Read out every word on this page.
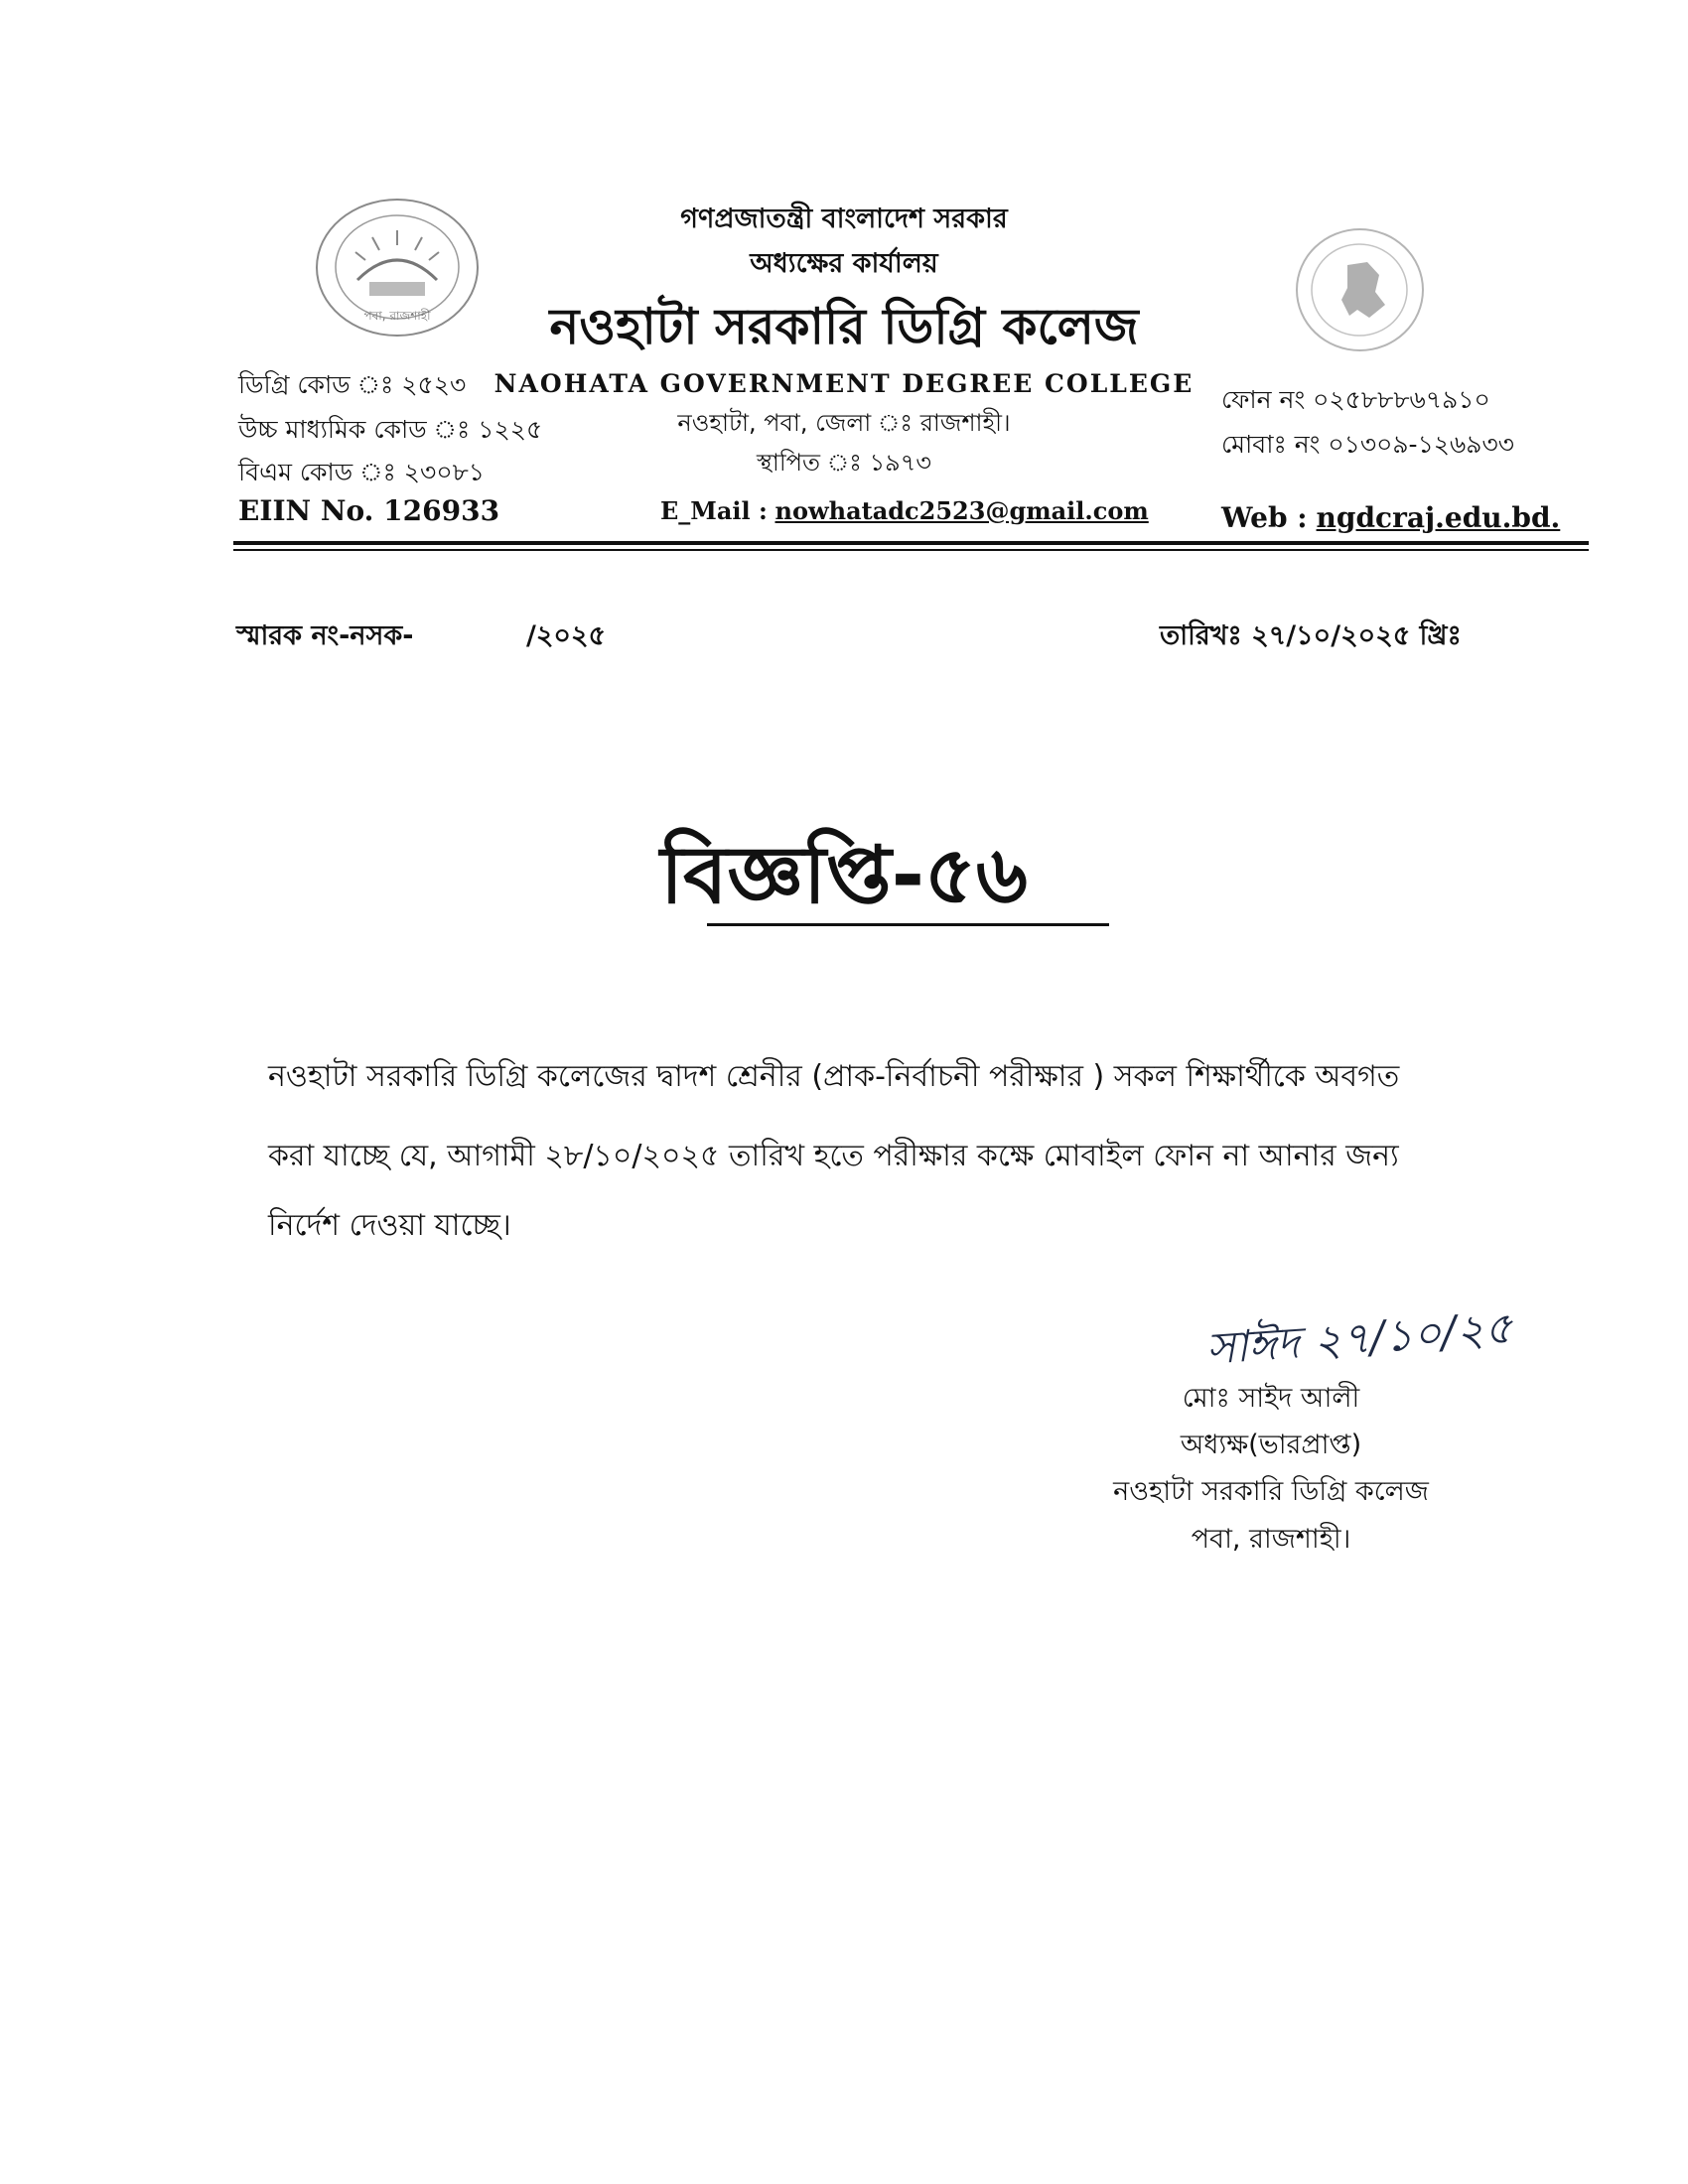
পবা, রাজশাহী
গণপ্রজাতন্ত্রী বাংলাদেশ সরকার
অধ্যক্ষের কার্যালয়
নওহাটা সরকারি ডিগ্রি কলেজ
NAOHATA GOVERNMENT DEGREE COLLEGE
নওহাটা, পবা, জেলা ঃ রাজশাহী।
স্থাপিত ঃ ১৯৭৩
E_Mail : nowhatadc2523@gmail.com
ডিগ্রি কোড ঃ ২৫২৩
উচ্চ মাধ্যমিক কোড ঃ ১২২৫
বিএম কোড ঃ ২৩০৮১
EIIN No. 126933
ফোন নং ০২৫৮৮৮৬৭৯১০
মোবাঃ নং ০১৩০৯-১২৬৯৩৩
Web : ngdcraj.edu.bd.
স্মারক নং-নসক-	/২০২৫	তারিখঃ ২৭/১০/২০২৫ খ্রিঃ
বিজ্ঞপ্তি-৫৬
নওহাটা সরকারি ডিগ্রি কলেজের দ্বাদশ শ্রেনীর (প্রাক-নির্বাচনী পরীক্ষার ) সকল শিক্ষার্থীকে অবগত
করা যাচ্ছে যে, আগামী ২৮/১০/২০২৫ তারিখ হতে পরীক্ষার কক্ষে মোবাইল ফোন না আনার জন্য
নির্দেশ দেওয়া যাচ্ছে।
সাঈদ ২৭/১০/২৫
মোঃ সাইদ আলী
অধ্যক্ষ(ভারপ্রাপ্ত)
নওহাটা সরকারি ডিগ্রি কলেজ
পবা, রাজশাহী।
